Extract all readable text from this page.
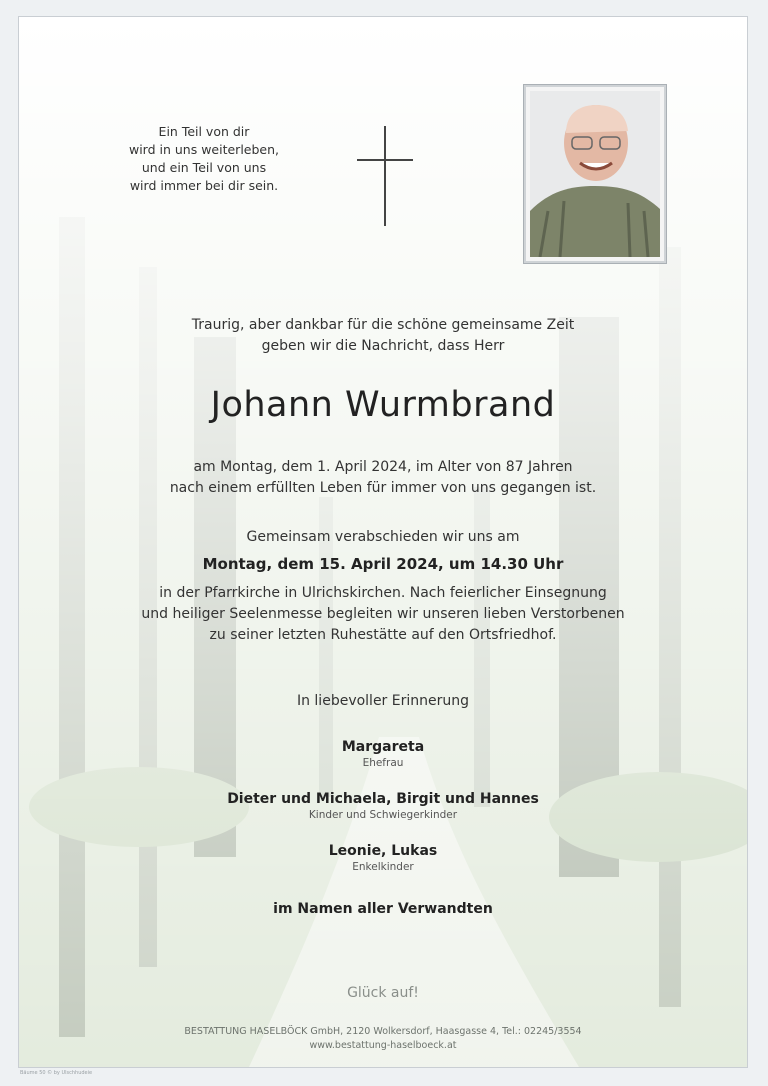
Ein Teil von dir
wird in uns weiterleben,
und ein Teil von uns
wird immer bei dir sein.
Traurig, aber dankbar für die schöne gemeinsame Zeit
geben wir die Nachricht, dass Herr
Johann Wurmbrand
am Montag, dem 1. April 2024, im Alter von 87 Jahren
nach einem erfüllten Leben für immer von uns gegangen ist.
Gemeinsam verabschieden wir uns am
Montag, dem 15. April 2024, um 14.30 Uhr
in der Pfarrkirche in Ulrichskirchen. Nach feierlicher Einsegnung
und heiliger Seelenmesse begleiten wir unseren lieben Verstorbenen
zu seiner letzten Ruhestätte auf den Ortsfriedhof.
In liebevoller Erinnerung
Margareta
Ehefrau
Dieter und Michaela, Birgit und Hannes
Kinder und Schwiegerkinder
Leonie, Lukas
Enkelkinder
im Namen aller Verwandten
Glück auf!
BESTATTUNG HASELBÖCK GmbH, 2120 Wolkersdorf, Haasgasse 4, Tel.: 02245/3554
www.bestattung-haselboeck.at
Bäume 50 © by Ulschhudeie
